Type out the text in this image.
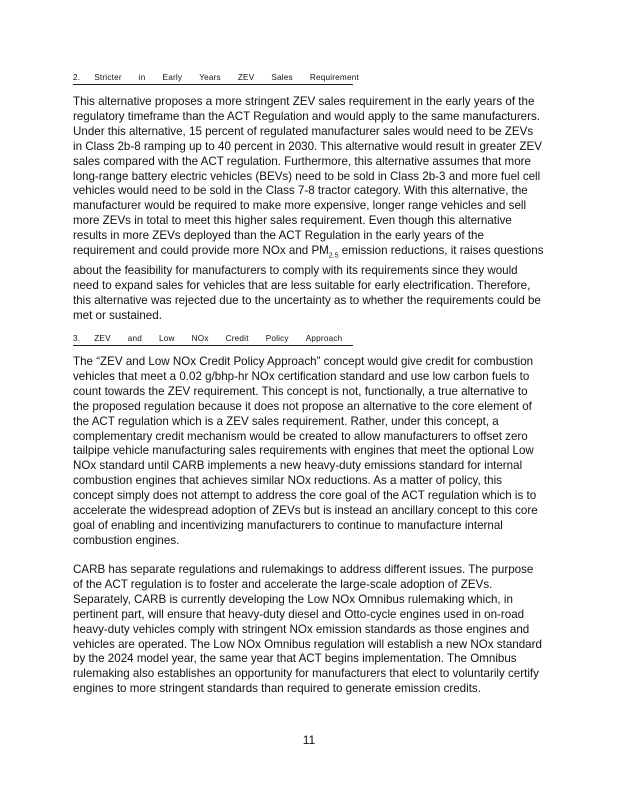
2. Stricter in Early Years ZEV Sales Requirement

This alternative proposes a more stringent ZEV sales requirement in the early years of the regulatory timeframe than the ACT Regulation and would apply to the same manufacturers. Under this alternative, 15 percent of regulated manufacturer sales would need to be ZEVs in Class 2b-8 ramping up to 40 percent in 2030. This alternative would result in greater ZEV sales compared with the ACT regulation. Furthermore, this alternative assumes that more long-range battery electric vehicles (BEVs) need to be sold in Class 2b-3 and more fuel cell vehicles would need to be sold in the Class 7-8 tractor category. With this alternative, the manufacturer would be required to make more expensive, longer range vehicles and sell more ZEVs in total to meet this higher sales requirement. Even though this alternative results in more ZEVs deployed than the ACT Regulation in the early years of the requirement and could provide more NOx and $PM_{2.5}$ emission reductions, it raises questions about the feasibility for manufacturers to comply with its requirements since they would need to expand sales for vehicles that are less suitable for early electrification. Therefore, this alternative was rejected due to the uncertainty as to whether the requirements could be met or sustained.

3. ZEV and Low NOx Credit Policy Approach

The “ZEV and Low NOx Credit Policy Approach” concept would give credit for combustion vehicles that meet a 0.02 g/bhp-hr NOx certification standard and use low carbon fuels to count towards the ZEV requirement. This concept is not, functionally, a true alternative to the proposed regulation because it does not propose an alternative to the core element of the ACT regulation which is a ZEV sales requirement. Rather, under this concept, a complementary credit mechanism would be created to allow manufacturers to offset zero tailpipe vehicle manufacturing sales requirements with engines that meet the optional Low NOx standard until CARB implements a new heavy-duty emissions standard for internal combustion engines that achieves similar NOx reductions. As a matter of policy, this concept simply does not attempt to address the core goal of the ACT regulation which is to accelerate the widespread adoption of ZEVs but is instead an ancillary concept to this core goal of enabling and incentivizing manufacturers to continue to manufacture internal combustion engines.

CARB has separate regulations and rulemakings to address different issues. The purpose of the ACT regulation is to foster and accelerate the large-scale adoption of ZEVs. Separately, CARB is currently developing the Low NOx Omnibus rulemaking which, in pertinent part, will ensure that heavy-duty diesel and Otto-cycle engines used in on-road heavy-duty vehicles comply with stringent NOx emission standards as those engines and vehicles are operated. The Low NOx Omnibus regulation will establish a new NOx standard by the 2024 model year, the same year that ACT begins implementation. The Omnibus rulemaking also establishes an opportunity for manufacturers that elect to voluntarily certify engines to more stringent standards than required to generate emission credits.

11
